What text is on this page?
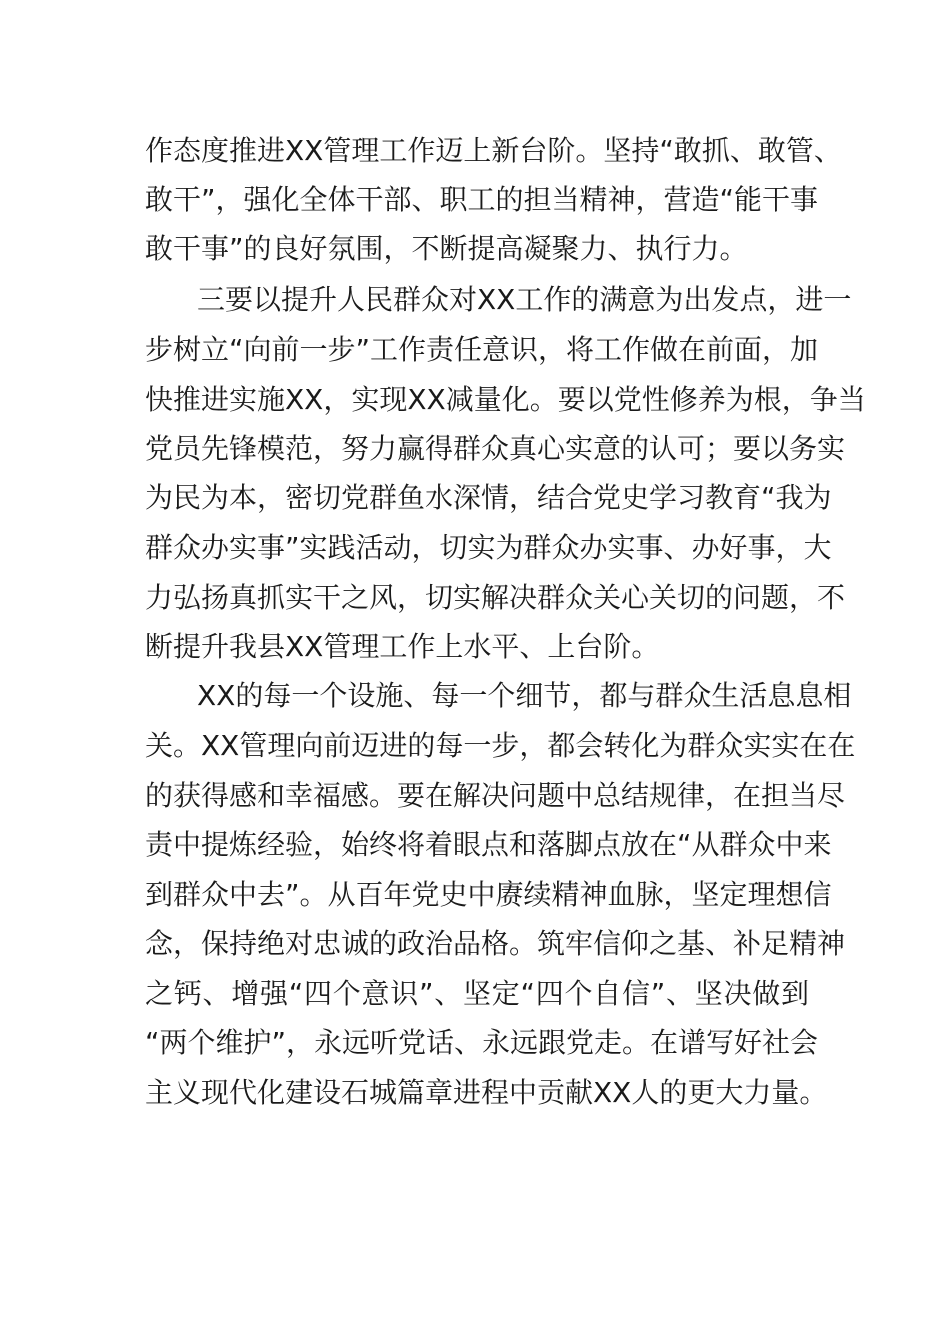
作态度推进XX管理工作迈上新台阶。坚持“敢抓、敢管、
敢干”，强化全体干部、职工的担当精神，营造“能干事
敢干事”的良好氛围，不断提高凝聚力、执行力。
三要以提升人民群众对XX工作的满意为出发点，进一
步树立“向前一步”工作责任意识，将工作做在前面，加
快推进实施XX，实现XX减量化。要以党性修养为根，争当
党员先锋模范，努力赢得群众真心实意的认可；要以务实
为民为本，密切党群鱼水深情，结合党史学习教育“我为
群众办实事”实践活动，切实为群众办实事、办好事，大
力弘扬真抓实干之风，切实解决群众关心关切的问题，不
断提升我县XX管理工作上水平、上台阶。
XX的每一个设施、每一个细节，都与群众生活息息相
关。XX管理向前迈进的每一步，都会转化为群众实实在在
的获得感和幸福感。要在解决问题中总结规律，在担当尽
责中提炼经验，始终将着眼点和落脚点放在“从群众中来
到群众中去”。从百年党史中赓续精神血脉，坚定理想信
念，保持绝对忠诚的政治品格。筑牢信仰之基、补足精神
之钙、增强“四个意识”、坚定“四个自信”、坚决做到
“两个维护”，永远听党话、永远跟党走。在谱写好社会
主义现代化建设石城篇章进程中贡献XX人的更大力量。
